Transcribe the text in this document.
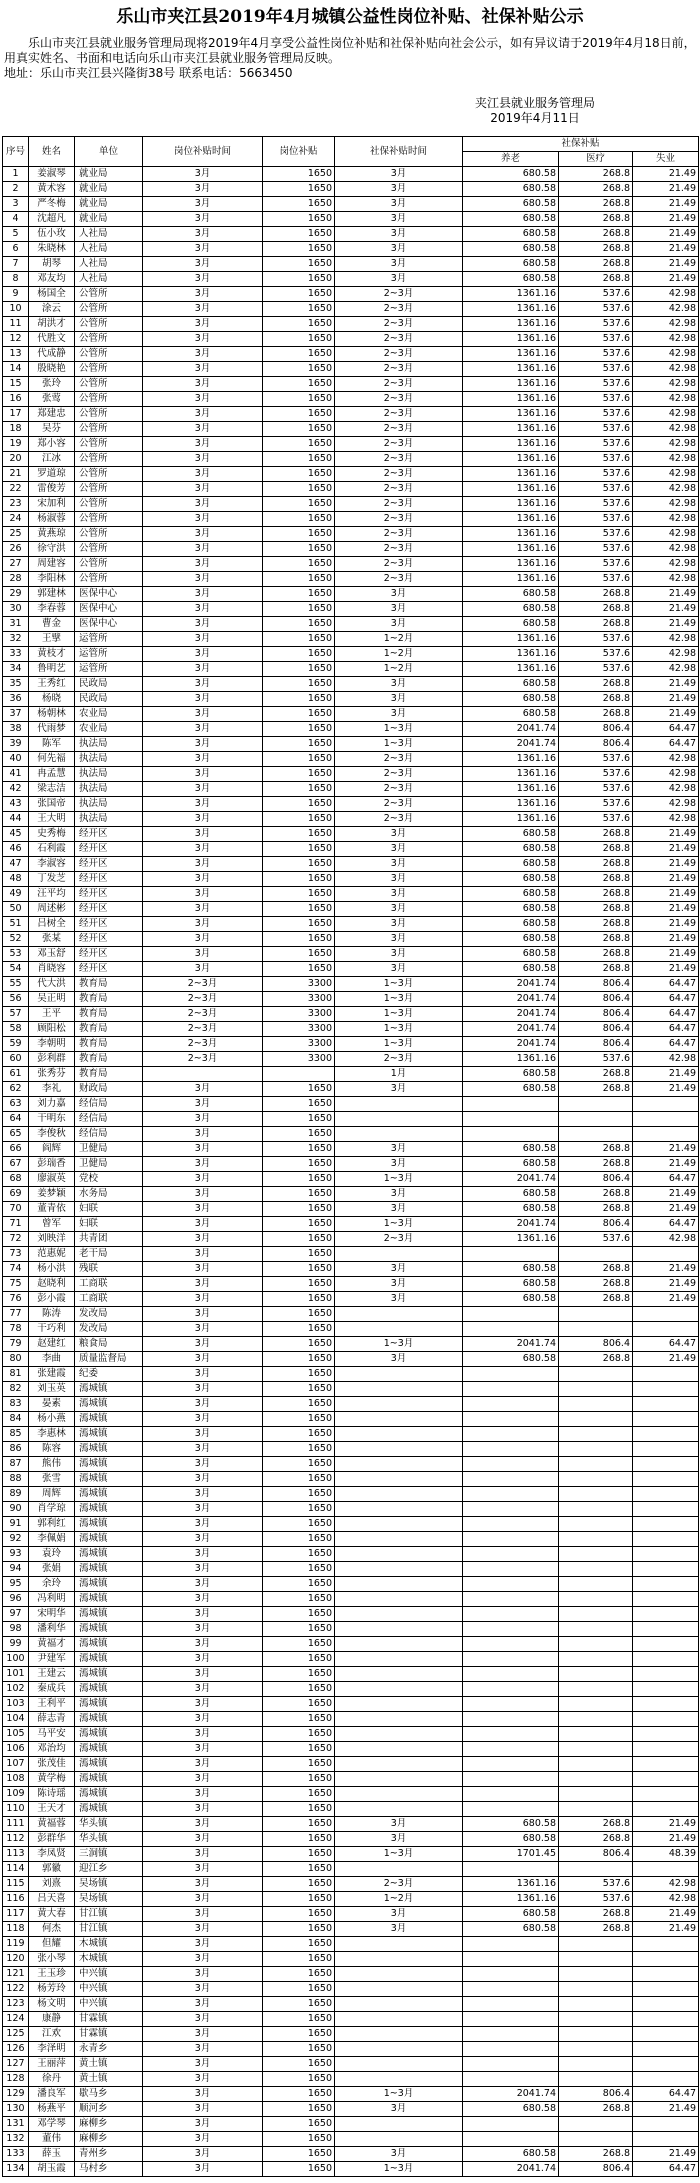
乐山市夹江县2019年4月城镇公益性岗位补贴、社保补贴公示

乐山市夹江县就业服务管理局现将2019年4月享受公益性岗位补贴和社保补贴向社会公示，如有异议请于2019年4月18日前，用真实姓名、书面和电话向乐山市夹江县就业服务管理局反映。

地址：乐山市夹江县兴隆街38号 联系电话：5663450

夹江县就业服务管理局
2019年4月11日
序号	姓名	单位	岗位补贴时间	岗位补贴	社保补贴时间	社保补贴		
						养老	医疗	失业
1	姜淑琴	就业局	3月	1650	3月	680.58	268.8	21.49
2	黄术容	就业局	3月	1650	3月	680.58	268.8	21.49
3	严冬梅	就业局	3月	1650	3月	680.58	268.8	21.49
4	沈超凡	就业局	3月	1650	3月	680.58	268.8	21.49
5	伍小玫	人社局	3月	1650	3月	680.58	268.8	21.49
6	朱晓林	人社局	3月	1650	3月	680.58	268.8	21.49
7	胡琴	人社局	3月	1650	3月	680.58	268.8	21.49
8	邓友均	人社局	3月	1650	3月	680.58	268.8	21.49
9	杨国全	公管所	3月	1650	2~3月	1361.16	537.6	42.98
10	涂云	公管所	3月	1650	2~3月	1361.16	537.6	42.98
11	胡洪才	公管所	3月	1650	2~3月	1361.16	537.6	42.98
12	代胜文	公管所	3月	1650	2~3月	1361.16	537.6	42.98
13	代成静	公管所	3月	1650	2~3月	1361.16	537.6	42.98
14	殷晓艳	公管所	3月	1650	2~3月	1361.16	537.6	42.98
15	张玲	公管所	3月	1650	2~3月	1361.16	537.6	42.98
16	张莺	公管所	3月	1650	2~3月	1361.16	537.6	42.98
17	郑建忠	公管所	3月	1650	2~3月	1361.16	537.6	42.98
18	吴芬	公管所	3月	1650	2~3月	1361.16	537.6	42.98
19	郑小容	公管所	3月	1650	2~3月	1361.16	537.6	42.98
20	江冰	公管所	3月	1650	2~3月	1361.16	537.6	42.98
21	罗道琼	公管所	3月	1650	2~3月	1361.16	537.6	42.98
22	雷俊芳	公管所	3月	1650	2~3月	1361.16	537.6	42.98
23	宋加利	公管所	3月	1650	2~3月	1361.16	537.6	42.98
24	杨淑蓉	公管所	3月	1650	2~3月	1361.16	537.6	42.98
25	黄燕琼	公管所	3月	1650	2~3月	1361.16	537.6	42.98
26	徐守洪	公管所	3月	1650	2~3月	1361.16	537.6	42.98
27	周建容	公管所	3月	1650	2~3月	1361.16	537.6	42.98
28	李阳林	公管所	3月	1650	2~3月	1361.16	537.6	42.98
29	郭建林	医保中心	3月	1650	3月	680.58	268.8	21.49
30	李春蓉	医保中心	3月	1650	3月	680.58	268.8	21.49
31	曹金	医保中心	3月	1650	3月	680.58	268.8	21.49
32	王擘	运管所	3月	1650	1~2月	1361.16	537.6	42.98
33	黄枝才	运管所	3月	1650	1~2月	1361.16	537.6	42.98
34	鲁明艺	运管所	3月	1650	1~2月	1361.16	537.6	42.98
35	王秀红	民政局	3月	1650	3月	680.58	268.8	21.49
36	杨晓	民政局	3月	1650	3月	680.58	268.8	21.49
37	杨朝林	农业局	3月	1650	3月	680.58	268.8	21.49
38	代雨梦	农业局	3月	1650	1~3月	2041.74	806.4	64.47
39	陈军	执法局	3月	1650	1~3月	2041.74	806.4	64.47
40	何先福	执法局	3月	1650	2~3月	1361.16	537.6	42.98
41	冉孟慧	执法局	3月	1650	2~3月	1361.16	537.6	42.98
42	梁志洁	执法局	3月	1650	2~3月	1361.16	537.6	42.98
43	张国帝	执法局	3月	1650	2~3月	1361.16	537.6	42.98
44	王大明	执法局	3月	1650	2~3月	1361.16	537.6	42.98
45	史秀梅	经开区	3月	1650	3月	680.58	268.8	21.49
46	石利霞	经开区	3月	1650	3月	680.58	268.8	21.49
47	李淑容	经开区	3月	1650	3月	680.58	268.8	21.49
48	丁发芝	经开区	3月	1650	3月	680.58	268.8	21.49
49	汪平均	经开区	3月	1650	3月	680.58	268.8	21.49
50	周述彬	经开区	3月	1650	3月	680.58	268.8	21.49
51	吕树全	经开区	3月	1650	3月	680.58	268.8	21.49
52	张某	经开区	3月	1650	3月	680.58	268.8	21.49
53	邓玉舒	经开区	3月	1650	3月	680.58	268.8	21.49
54	肖晓容	经开区	3月	1650	3月	680.58	268.8	21.49
55	代大洪	教育局	2~3月	3300	1~3月	2041.74	806.4	64.47
56	吴正明	教育局	2~3月	3300	1~3月	2041.74	806.4	64.47
57	王平	教育局	2~3月	3300	1~3月	2041.74	806.4	64.47
58	顾阳松	教育局	2~3月	3300	1~3月	2041.74	806.4	64.47
59	李朝明	教育局	2~3月	3300	1~3月	2041.74	806.4	64.47
60	彭利群	教育局	2~3月	3300	2~3月	1361.16	537.6	42.98
61	张秀芬	教育局			1月	680.58	268.8	21.49
62	李礼	财政局	3月	1650	3月	680.58	268.8	21.49
63	刘力嘉	经信局	3月	1650				
64	干明东	经信局	3月	1650				
65	李俊秋	经信局	3月	1650				
66	阎辉	卫健局	3月	1650	3月	680.58	268.8	21.49
67	彭瑞香	卫健局	3月	1650	3月	680.58	268.8	21.49
68	廖淑英	党校	3月	1650	1~3月	2041.74	806.4	64.47
69	姜梦颖	水务局	3月	1650	3月	680.58	268.8	21.49
70	董青依	妇联	3月	1650	3月	680.58	268.8	21.49
71	曾军	妇联	3月	1650	1~3月	2041.74	806.4	64.47
72	刘映洋	共青团	3月	1650	2~3月	1361.16	537.6	42.98
73	范惠妮	老干局	3月	1650				
74	杨小洪	残联	3月	1650	3月	680.58	268.8	21.49
75	赵晓利	工商联	3月	1650	3月	680.58	268.8	21.49
76	彭小霞	工商联	3月	1650	3月	680.58	268.8	21.49
77	陈涛	发改局	3月	1650				
78	干巧利	发改局	3月	1650				
79	赵建红	粮食局	3月	1650	1~3月	2041.74	806.4	64.47
80	李曲	质量监督局	3月	1650	3月	680.58	268.8	21.49
81	张建霞	纪委	3月	1650				
82	刘玉英	漹城镇	3月	1650				
83	晏素	漹城镇	3月	1650				
84	杨小燕	漹城镇	3月	1650				
85	李惠林	漹城镇	3月	1650				
86	陈容	漹城镇	3月	1650				
87	熊伟	漹城镇	3月	1650				
88	张雪	漹城镇	3月	1650				
89	周辉	漹城镇	3月	1650				
90	肖学琼	漹城镇	3月	1650				
91	郭利红	漹城镇	3月	1650				
92	李佩娟	漹城镇	3月	1650				
93	袁玲	漹城镇	3月	1650				
94	张娟	漹城镇	3月	1650				
95	余玲	漹城镇	3月	1650				
96	冯利明	漹城镇	3月	1650				
97	宋明华	漹城镇	3月	1650				
98	潘利华	漹城镇	3月	1650				
99	黄福才	漹城镇	3月	1650				
100	尹建军	漹城镇	3月	1650				
101	王建云	漹城镇	3月	1650				
102	秦成兵	漹城镇	3月	1650				
103	王利平	漹城镇	3月	1650				
104	薛志青	漹城镇	3月	1650				
105	马平安	漹城镇	3月	1650				
106	邓治均	漹城镇	3月	1650				
107	张茂佳	漹城镇	3月	1650				
108	黄学梅	漹城镇	3月	1650				
109	陈诗瑶	漹城镇	3月	1650				
110	王天才	漹城镇	3月	1650				
111	黄福蓉	华头镇	3月	1650	3月	680.58	268.8	21.49
112	彭群华	华头镇	3月	1650	3月	680.58	268.8	21.49
113	李凤贤	三洞镇	3月	1650	1~3月	1701.45	806.4	48.39
114	郭徽	迎江乡	3月	1650				
115	刘熹	吴场镇	3月	1650	2~3月	1361.16	537.6	42.98
116	吕天喜	吴场镇	3月	1650	1~2月	1361.16	537.6	42.98
117	黄大春	甘江镇	3月	1650	3月	680.58	268.8	21.49
118	何杰	甘江镇	3月	1650	3月	680.58	268.8	21.49
119	但耀	木城镇	3月	1650				
120	张小琴	木城镇	3月	1650				
121	王玉珍	中兴镇	3月	1650				
122	杨芳玲	中兴镇	3月	1650				
123	杨文明	中兴镇	3月	1650				
124	康静	甘霖镇	3月	1650				
125	江欢	甘霖镇	3月	1650				
126	李泽明	永青乡	3月	1650				
127	王丽萍	黄土镇	3月	1650				
128	徐丹	黄土镇	3月	1650				
129	潘良军	歇马乡	3月	1650	1~3月	2041.74	806.4	64.47
130	杨燕平	顺河乡	3月	1650	3月	680.58	268.8	21.49
131	邓学琴	麻柳乡	3月	1650				
132	董伟	麻柳乡	3月	1650				
133	薛玉	青州乡	3月	1650	3月	680.58	268.8	21.49
134	胡玉霞	马村乡	3月	1650	1~3月	2041.74	806.4	64.47
